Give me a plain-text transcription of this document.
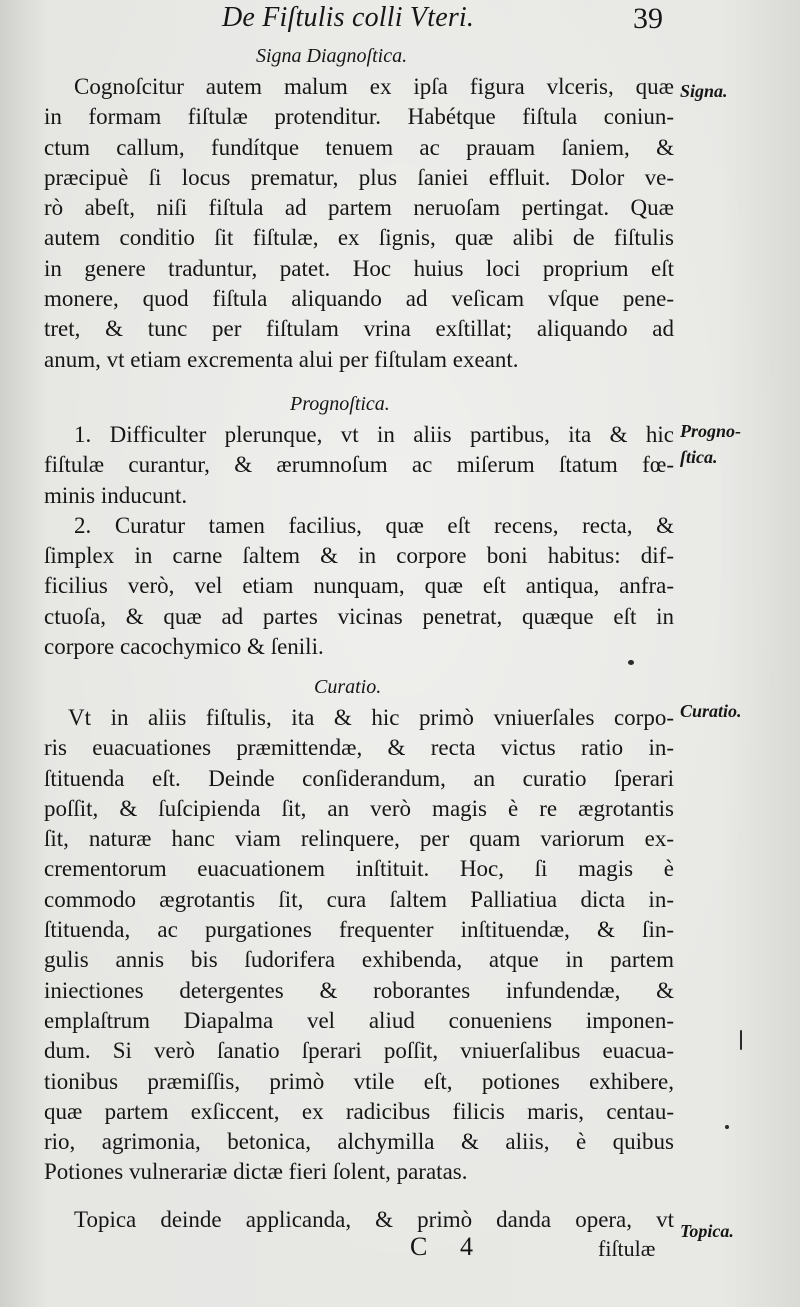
De Fiſtulis colli Vteri.	39
Signa Diagnoſtica.
Signa.
Cognoſcitur autem malum ex ipſa figura vlceris, quæ
in formam fiſtulæ protenditur. Habétque fiſtula coniun-
ctum callum, fundítque tenuem ac prauam ſaniem, &
præcipuè ſi locus prematur, plus ſaniei effluit. Dolor ve-
rò abeſt, niſi fiſtula ad partem neruoſam pertingat. Quæ
autem conditio ſit fiſtulæ, ex ſignis, quæ alibi de fiſtulis
in genere traduntur, patet. Hoc huius loci proprium eſt
monere, quod fiſtula aliquando ad veſicam vſque pene-
tret, & tunc per fiſtulam vrina exſtillat; aliquando ad
anum, vt etiam excrementa alui per fiſtulam exeant.
Prognoſtica.
Progno-
ſtica.
1. Difficulter plerunque, vt in aliis partibus, ita & hic
fiſtulæ curantur, & ærumnoſum ac miſerum ſtatum fœ-
minis inducunt.
2. Curatur tamen facilius, quæ eſt recens, recta, &
ſimplex in carne ſaltem & in corpore boni habitus: dif-
ficilius verò, vel etiam nunquam, quæ eſt antiqua, anfra-
ctuoſa, & quæ ad partes vicinas penetrat, quæque eſt in
corpore cacochymico & ſenili.
Curatio.
Curatio.
Vt in aliis fiſtulis, ita & hic primò vniuerſales corpo-
ris euacuationes præmittendæ, & recta victus ratio in-
ſtituenda eſt. Deinde conſiderandum, an curatio ſperari
poſſit, & ſuſcipienda ſit, an verò magis è re ægrotantis
ſit, naturæ hanc viam relinquere, per quam variorum ex-
crementorum euacuationem inſtituit. Hoc, ſi magis è
commodo ægrotantis ſit, cura ſaltem Palliatiua dicta in-
ſtituenda, ac purgationes frequenter inſtituendæ, & ſin-
gulis annis bis ſudorifera exhibenda, atque in partem
iniectiones detergentes & roborantes infundendæ, &
emplaſtrum Diapalma vel aliud conueniens imponen-
dum. Si verò ſanatio ſperari poſſit, vniuerſalibus euacua-
tionibus præmiſſis, primò vtile eſt, potiones exhibere,
quæ partem exſiccent, ex radicibus filicis maris, centau-
rio, agrimonia, betonica, alchymilla & aliis, è quibus
Potiones vulnerariæ dictæ fieri ſolent, paratas.
Topica.
Topica deinde applicanda, & primò danda opera, vt
C 4	fiſtulæ
